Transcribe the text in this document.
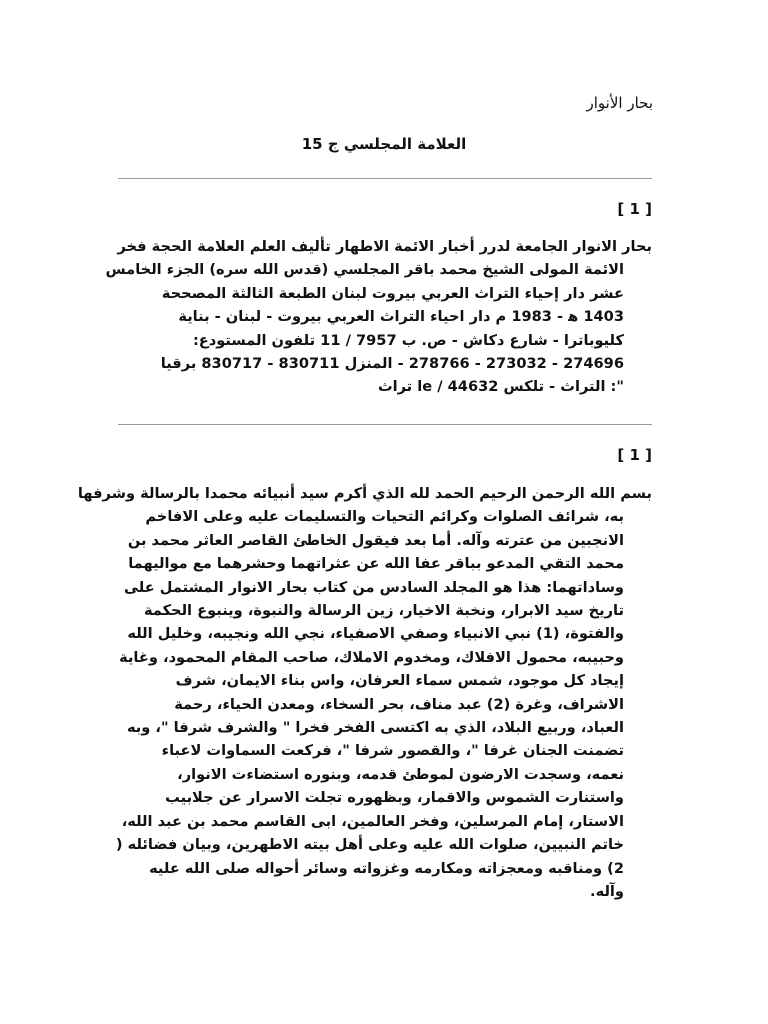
بحار الأنوار
العلامة المجلسي ج 15
[ 1 ]

بحار الانوار الجامعة لدرر أخبار الائمة الاطهار تأليف العلم العلامة الحجة فخر
الائمة المولى الشيخ محمد باقر المجلسي (قدس الله سره) الجزء الخامس
عشر دار إحياء التراث العربي بيروت لبنان الطبعة الثالثة المصححة
1403 ه‍ - 1983 م دار احياء التراث العربي بيروت - لبنان - بناية
كليوباترا - شارع دكاش - ص. ب 7957 / 11 تلفون المستودع:
274696 - 273032 - 278766 - المنزل 830711 - 830717 برقيا
": التراث - تلكس 44632 / le تراث

[ 1 ]

بسم الله الرحمن الرحيم الحمد لله الذي أكرم سيد أنبيائه محمدا بالرسالة وشرفها
به، شرائف الصلوات وكرائم التحيات والتسليمات عليه وعلى الافاخم
الانجبين من عترته وآله. أما بعد فيقول الخاطئ القاصر العاثر محمد بن
محمد التقي المدعو بباقر عفا الله عن عثراتهما وحشرهما مع مواليهما
وساداتهما: هذا هو المجلد السادس من كتاب بحار الانوار المشتمل على
تاريخ سيد الابرار، ونخبة الاخيار، زين الرسالة والنبوة، وينبوع الحكمة
والفتوة، (1) نبي الانبياء وصفي الاصفياء، نجي الله ونجيبه، وخليل الله
وحبيبه، محمول الافلاك، ومخدوم الاملاك، صاحب المقام المحمود، وغاية
إيجاد كل موجود، شمس سماء العرفان، واس بناء الايمان، شرف
الاشراف، وغرة (2) عبد مناف، بحر السخاء، ومعدن الحياء، رحمة
العباد، وربيع البلاد، الذي به اكتسى الفخر فخرا " والشرف شرفا "، وبه
تضمنت الجنان غرفا "، والقصور شرفا "، فركعت السماوات لاعباء
نعمه، وسجدت الارضون لموطئ قدمه، وبنوره استضاءت الانوار،
واستنارت الشموس والاقمار، وبظهوره تجلت الاسرار عن جلابيب
الاستار، إمام المرسلين، وفخر العالمين، ابى القاسم محمد بن عبد الله،
خاتم النبيين، صلوات الله عليه وعلى أهل بيته الاطهرين، وبيان فضائله (
2) ومناقبه ومعجزاته ومكارمه وغزواته وسائر أحواله صلى الله عليه
وآله.
